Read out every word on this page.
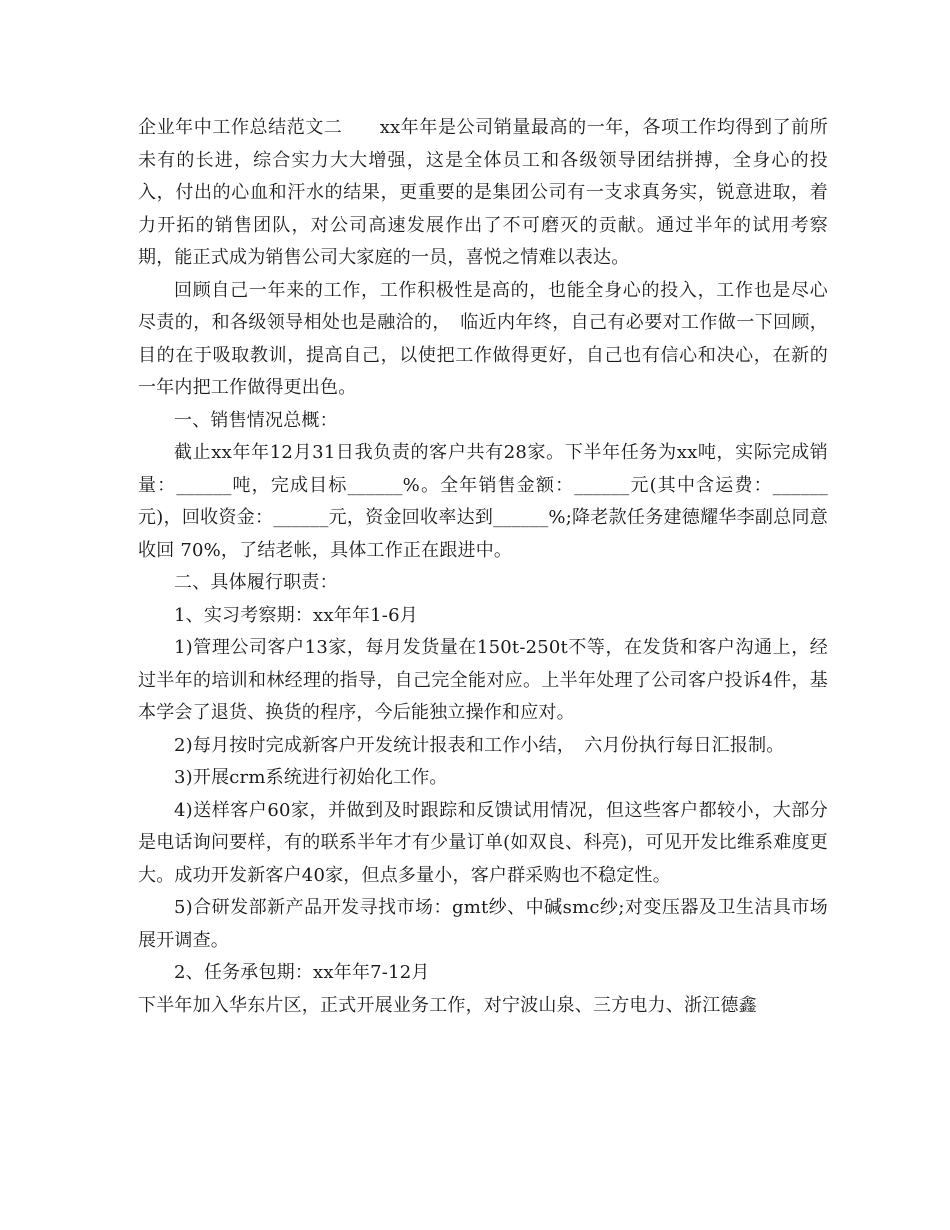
企业年中工作总结范文二　　xx年年是公司销量最高的一年，各项工作均得到了前所未有的长进，综合实力大大增强，这是全体员工和各级领导团结拼搏，全身心的投入，付出的心血和汗水的结果，更重要的是集团公司有一支求真务实，锐意进取，着力开拓的销售团队，对公司高速发展作出了不可磨灭的贡献。通过半年的试用考察期，能正式成为销售公司大家庭的一员，喜悦之情难以表达。

回顾自己一年来的工作，工作积极性是高的，也能全身心的投入，工作也是尽心尽责的，和各级领导相处也是融洽的，　临近内年终，自己有必要对工作做一下回顾，目的在于吸取教训，提高自己，以使把工作做得更好，自己也有信心和决心，在新的一年内把工作做得更出色。

一、销售情况总概：

截止xx年年12月31日我负责的客户共有28家。下半年任务为xx吨，实际完成销量：______吨，完成目标______%。全年销售金额：______元(其中含运费：______元)，回收资金：______元，资金回收率达到______%;降老款任务建德耀华李副总同意收回 70%，了结老帐，具体工作正在跟进中。

二、具体履行职责：

1、实习考察期：xx年年1-6月

1)管理公司客户13家，每月发货量在150t-250t不等，在发货和客户沟通上，经过半年的培训和林经理的指导，自己完全能对应。上半年处理了公司客户投诉4件，基本学会了退货、换货的程序，今后能独立操作和应对。

2)每月按时完成新客户开发统计报表和工作小结，　六月份执行每日汇报制。

3)开展crm系统进行初始化工作。

4)送样客户60家，并做到及时跟踪和反馈试用情况，但这些客户都较小，大部分是电话询问要样，有的联系半年才有少量订单(如双良、科亮)，可见开发比维系难度更大。成功开发新客户40家，但点多量小，客户群采购也不稳定性。

5)合研发部新产品开发寻找市场：gmt纱、中碱smc纱;对变压器及卫生洁具市场展开调查。

2、任务承包期：xx年年7-12月

下半年加入华东片区，正式开展业务工作，对宁波山泉、三方电力、浙江德鑫
